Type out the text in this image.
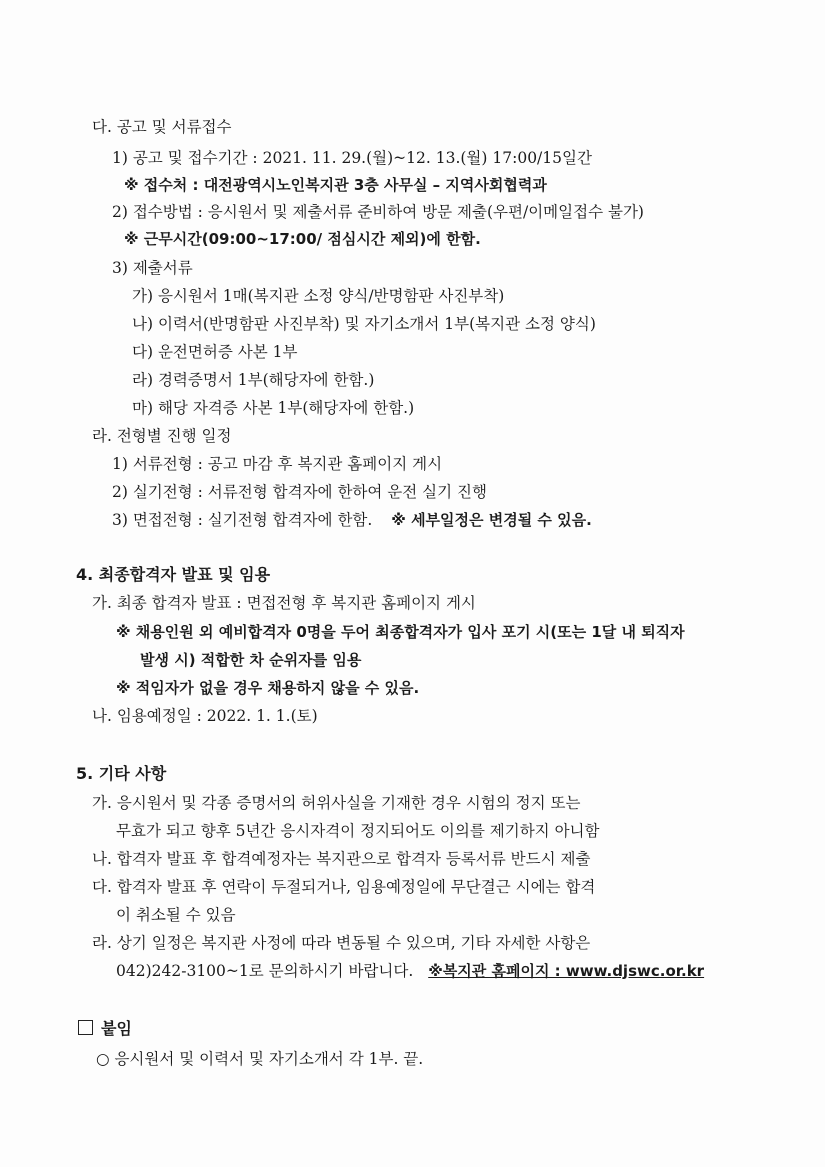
다. 공고 및 서류접수
1) 공고 및 접수기간 : 2021. 11. 29.(월)~12. 13.(월) 17:00/15일간
※ 접수처 : 대전광역시노인복지관 3층 사무실 – 지역사회협력과
2) 접수방법 : 응시원서 및 제출서류 준비하여 방문 제출(우편/이메일접수 불가)
※ 근무시간(09:00~17:00/ 점심시간 제외)에 한함.
3) 제출서류
가) 응시원서 1매(복지관 소정 양식/반명함판 사진부착)
나) 이력서(반명함판 사진부착) 및 자기소개서 1부(복지관 소정 양식)
다) 운전면허증 사본 1부
라) 경력증명서 1부(해당자에 한함.)
마) 해당 자격증 사본 1부(해당자에 한함.)
라. 전형별 진행 일정
1) 서류전형 : 공고 마감 후 복지관 홈페이지 게시
2) 실기전형 : 서류전형 합격자에 한하여 운전 실기 진행
3) 면접전형 : 실기전형 합격자에 한함. ※ 세부일정은 변경될 수 있음.
4. 최종합격자 발표 및 임용
가. 최종 합격자 발표 : 면접전형 후 복지관 홈페이지 게시
※ 채용인원 외 예비합격자 0명을 두어 최종합격자가 입사 포기 시(또는 1달 내 퇴직자
발생 시) 적합한 차 순위자를 임용
※ 적임자가 없을 경우 채용하지 않을 수 있음.
나. 임용예정일 : 2022. 1. 1.(토)
5. 기타 사항
가. 응시원서 및 각종 증명서의 허위사실을 기재한 경우 시험의 정지 또는
무효가 되고 향후 5년간 응시자격이 정지되어도 이의를 제기하지 아니함
나. 합격자 발표 후 합격예정자는 복지관으로 합격자 등록서류 반드시 제출
다. 합격자 발표 후 연락이 두절되거나, 임용예정일에 무단결근 시에는 합격
이 취소될 수 있음
라. 상기 일정은 복지관 사정에 따라 변동될 수 있으며, 기타 자세한 사항은
042)242-3100~1로 문의하시기 바랍니다. ※복지관 홈페이지 : www.djswc.or.kr
붙임
○ 응시원서 및 이력서 및 자기소개서 각 1부. 끝.
